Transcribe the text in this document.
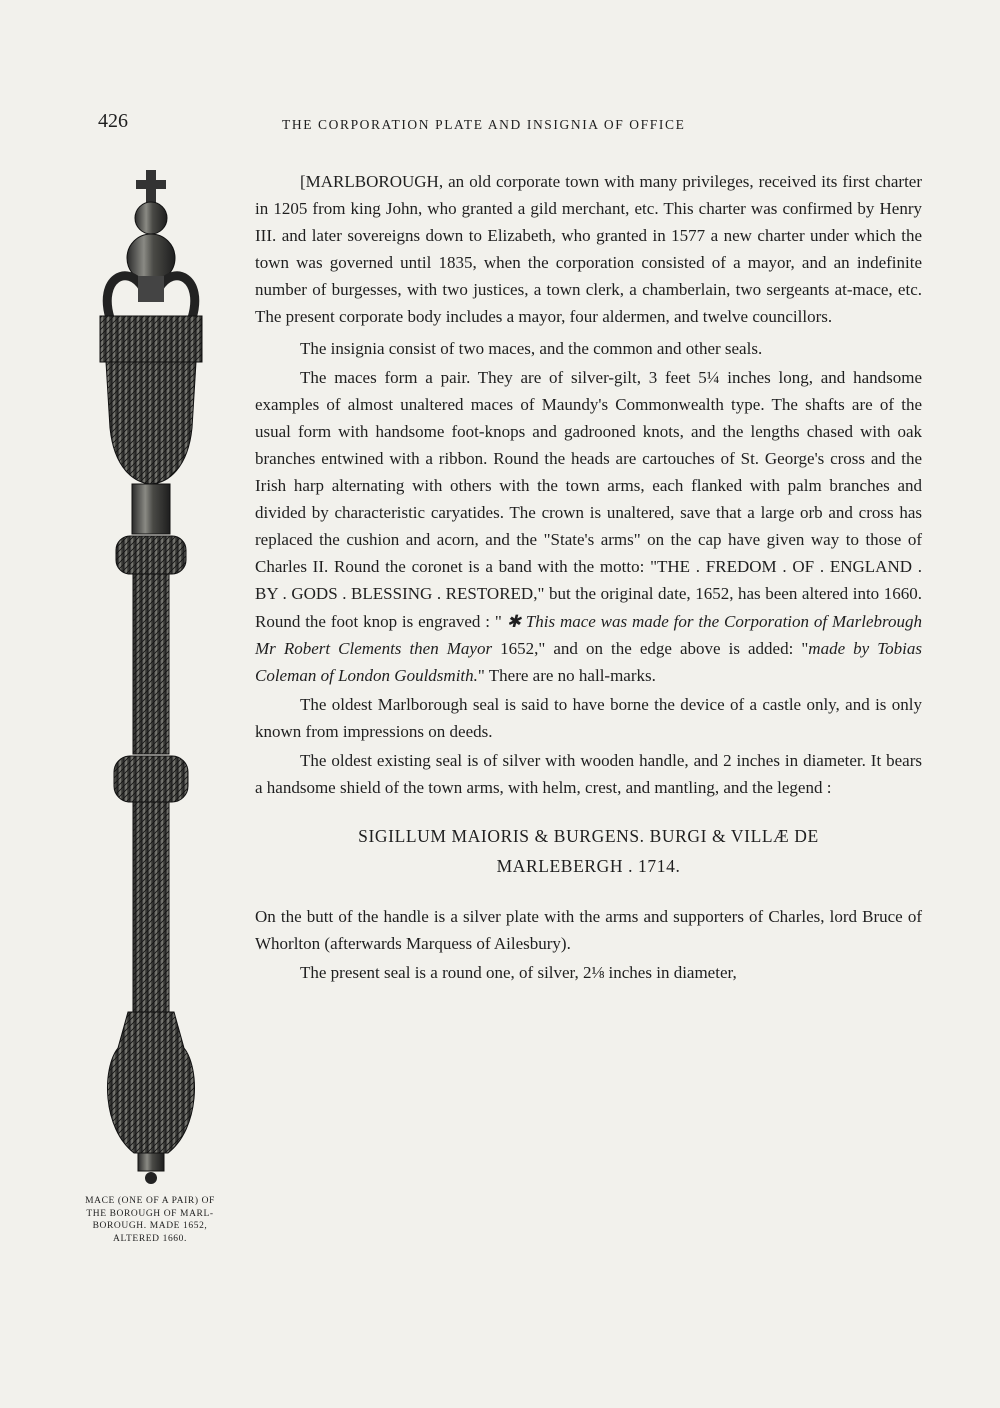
426	THE CORPORATION PLATE AND INSIGNIA OF OFFICE
MACE (ONE OF A PAIR) OF THE BOROUGH OF MARL-BOROUGH. MADE 1652, ALTERED 1660.

[MARLBOROUGH, an old corporate town with many privileges, received its first charter in 1205 from king John, who granted a gild merchant, etc. This charter was confirmed by Henry III. and later sovereigns down to Elizabeth, who granted in 1577 a new charter under which the town was governed until 1835, when the corporation consisted of a mayor, and an indefinite number of burgesses, with two justices, a town clerk, a chamberlain, two sergeants at-mace, etc. The present corporate body includes a mayor, four aldermen, and twelve councillors.

The insignia consist of two maces, and the common and other seals.

The maces form a pair. They are of silver-gilt, 3 feet 5¼ inches long, and handsome examples of almost unaltered maces of Maundy's Commonwealth type. The shafts are of the usual form with handsome foot-knops and gadrooned knots, and the lengths chased with oak branches entwined with a ribbon. Round the heads are cartouches of St. George's cross and the Irish harp alternating with others with the town arms, each flanked with palm branches and divided by characteristic caryatides. The crown is unaltered, save that a large orb and cross has replaced the cushion and acorn, and the "State's arms" on the cap have given way to those of Charles II. Round the coronet is a band with the motto: "THE . FREDOM . OF . ENGLAND . BY . GODS . BLESSING . RESTORED," but the original date, 1652, has been altered into 1660. Round the foot knop is engraved : " ✱ This mace was made for the Corporation of Marlebrough Mr Robert Clements then Mayor 1652," and on the edge above is added: "made by Tobias Coleman of London Gouldsmith." There are no hall-marks.

The oldest Marlborough seal is said to have borne the device of a castle only, and is only known from impressions on deeds.

The oldest existing seal is of silver with wooden handle, and 2 inches in diameter. It bears a handsome shield of the town arms, with helm, crest, and mantling, and the legend :

SIGILLUM MAIORIS & BURGENS. BURGI & VILLÆ DE
MARLEBERGH . 1714.

On the butt of the handle is a silver plate with the arms and supporters of Charles, lord Bruce of Whorlton (afterwards Marquess of Ailesbury).

The present seal is a round one, of silver, 2⅛ inches in diameter,
